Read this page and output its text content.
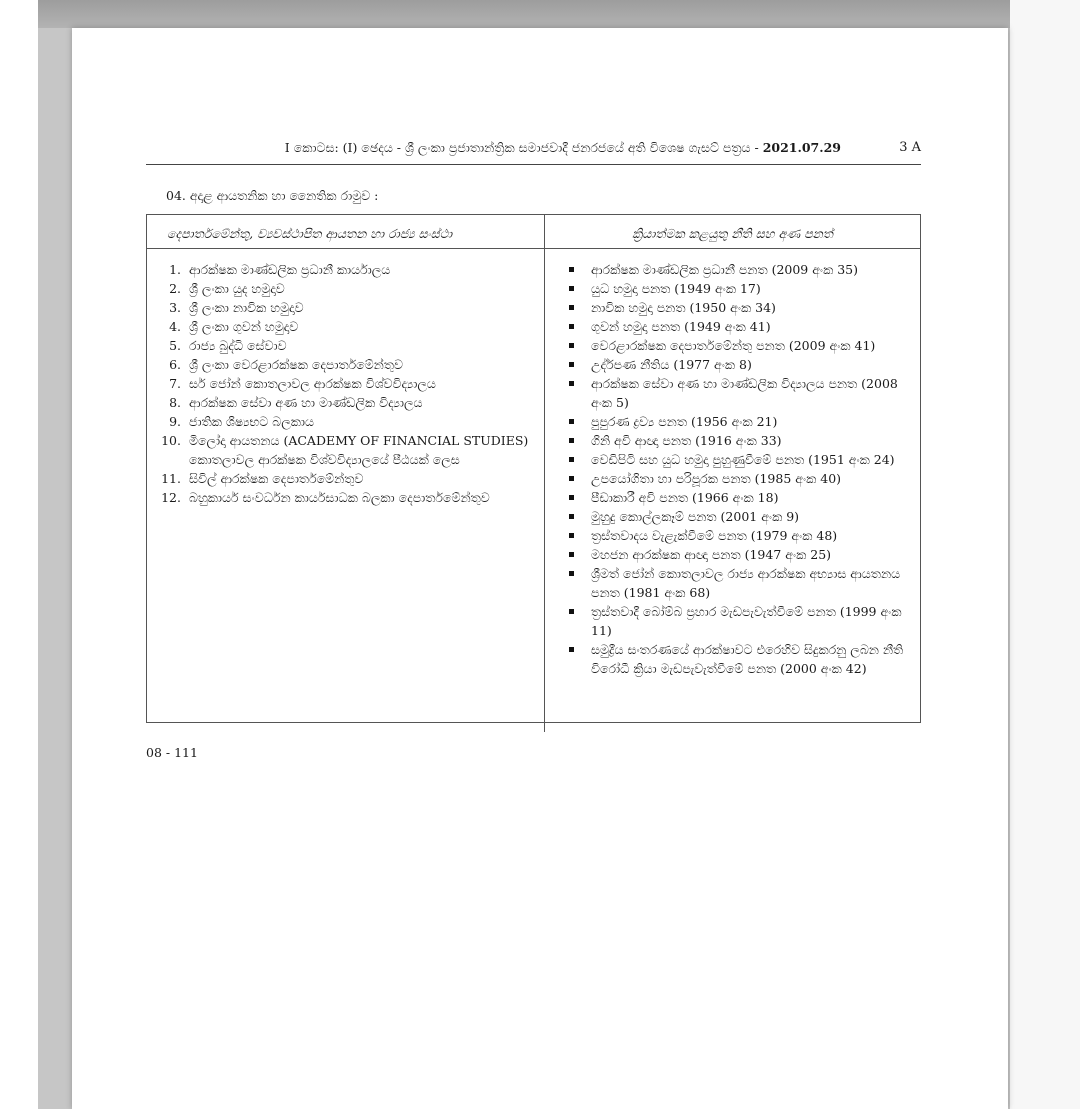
I කොටස: (I) ඡෙදය - ශ්‍රී ලංකා ප්‍රජාතාන්ත්‍රික සමාජවාදී ජනරජයේ අති විශෙෂ ගැසට් පත්‍රය - 2021.07.29	3 A
04. අදාළ ආයතනික හා නෛතික රාමුව :
දෙපාර්තමේන්තු, ව්‍යවස්ථාපිත ආයතන හා රාජ්‍ය සංස්ථා	ක්‍රියාත්මක කළයුතු නීති සහ අණ පනත්
1. ආරක්ෂක මාණ්ඩලික ප්‍රධානී කාර්යාලය
2. ශ්‍රී ලංකා යුද හමුදාව
3. ශ්‍රී ලංකා නාවික හමුදාව
4. ශ්‍රී ලංකා ගුවන් හමුදාව
5. රාජ්‍ය බුද්ධි සේවාව
6. ශ්‍රී ලංකා වෙරළාරක්ෂක දෙපාර්තමේන්තුව
7. සර් ජෝන් කොතලාවල ආරක්ෂක විශ්වවිද්‍යාලය
8. ආරක්ෂක සේවා අණ හා මාණ්ඩලික විද්‍යාලය
9. ජාතික ශිෂ්‍යභට බලකාය
10. මිලෝදා ආයතනය (ACADEMY OF FINANCIAL STUDIES) කොතලාවල ආරක්ෂක විශ්වවිද්‍යාලයේ පීඨයක් ලෙස
11. සිවිල් ආරක්ෂක දෙපාර්තමේන්තුව
12. බහුකාර්ය සංවර්ධන කාර්යසාධක බලකා දෙපාර්තමේන්තුව
ආරක්ෂක මාණ්ඩලික ප්‍රධානී පනත (2009 අංක 35)
යුධ හමුදා පනත (1949 අංක 17)
නාවික හමුදා පනත (1950 අංක 34)
ගුවන් හමුදා පනත (1949 අංක 41)
වෙරළාරක්ෂක දෙපාර්තමේන්තු පනත (2009 අංක 41)
උද්ර්පණ නීතිය (1977 අංක 8)
ආරක්ෂක සේවා අණ හා මාණ්ඩලික විද්‍යාලය පනත (2008 අංක 5)
පුපුරණ ද්‍රව්‍ය පනත (1956 අංක 21)
ගිනි අවි ආඥා පනත (1916 අංක 33)
වෙඩිපිටි සහ යුධ හමුදා පුහුණුවීමේ පනත (1951 අංක 24)
උපයෝගිතා හා පරිපූරක පනත (1985 අංක 40)
පීඩාකාරී අවි පනත (1966 අංක 18)
මුහුදු කොල්ලකෑම් පනත (2001 අංක 9)
ත්‍රස්තවාදය වැළැක්වීමේ පනත (1979 අංක 48)
මහජන ආරක්ෂක ආඥා පනත (1947 අංක 25)
ශ්‍රීමත් ජෝන් කොතලාවල රාජ්‍ය ආරක්ෂක අභ්‍යාස ආයතනය පනත (1981 අංක 68)
ත්‍රස්තවාදී බෝම්බ ප්‍රහාර මැඩපැවැත්වීමේ පනත (1999 අංක 11)
සමුද්‍රීය සංතරණයේ ආරක්ෂාවට එරෙහිව සිදුකරනු ලබන නීති විරෝධී ක්‍රියා මැඩපැවැත්වීමේ පනත (2000 අංක 42)
08 - 111
